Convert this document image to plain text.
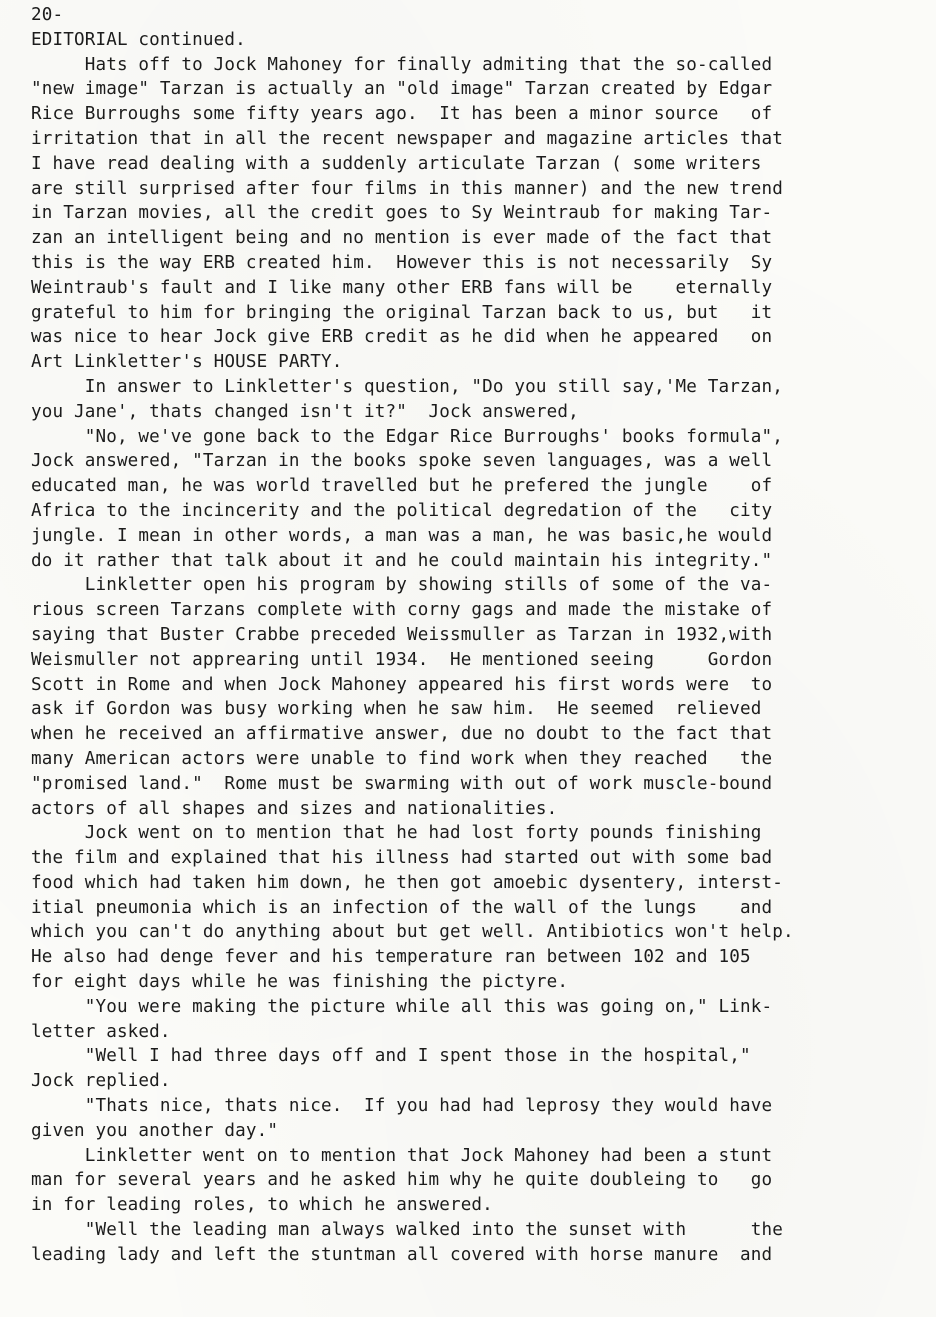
20-
EDITORIAL continued.
Hats off to Jock Mahoney for finally admiting that the so-called
"new image" Tarzan is actually an "old image" Tarzan created by Edgar
Rice Burroughs some fifty years ago.  It has been a minor source   of
irritation that in all the recent newspaper and magazine articles that
I have read dealing with a suddenly articulate Tarzan ( some writers
are still surprised after four films in this manner) and the new trend
in Tarzan movies, all the credit goes to Sy Weintraub for making Tar-
zan an intelligent being and no mention is ever made of the fact that
this is the way ERB created him.  However this is not necessarily  Sy
Weintraub's fault and I like many other ERB fans will be    eternally
grateful to him for bringing the original Tarzan back to us, but   it
was nice to hear Jock give ERB credit as he did when he appeared   on
Art Linkletter's HOUSE PARTY.
In answer to Linkletter's question, "Do you still say,'Me Tarzan,
you Jane', thats changed isn't it?"  Jock answered,
"No, we've gone back to the Edgar Rice Burroughs' books formula",
Jock answered, "Tarzan in the books spoke seven languages, was a well
educated man, he was world travelled but he prefered the jungle    of
Africa to the incincerity and the political degredation of the   city
jungle. I mean in other words, a man was a man, he was basic,he would
do it rather that talk about it and he could maintain his integrity."
Linkletter open his program by showing stills of some of the va-
rious screen Tarzans complete with corny gags and made the mistake of
saying that Buster Crabbe preceded Weissmuller as Tarzan in 1932,with
Weismuller not apprearing until 1934.  He mentioned seeing     Gordon
Scott in Rome and when Jock Mahoney appeared his first words were  to
ask if Gordon was busy working when he saw him.  He seemed  relieved
when he received an affirmative answer, due no doubt to the fact that
many American actors were unable to find work when they reached   the
"promised land."  Rome must be swarming with out of work muscle-bound
actors of all shapes and sizes and nationalities.
Jock went on to mention that he had lost forty pounds finishing
the film and explained that his illness had started out with some bad
food which had taken him down, he then got amoebic dysentery, interst-
itial pneumonia which is an infection of the wall of the lungs    and
which you can't do anything about but get well. Antibiotics won't help.
He also had denge fever and his temperature ran between 102 and 105
for eight days while he was finishing the pictyre.
"You were making the picture while all this was going on," Link-
letter asked.
"Well I had three days off and I spent those in the hospital,"
Jock replied.
"Thats nice, thats nice.  If you had had leprosy they would have
given you another day."
Linkletter went on to mention that Jock Mahoney had been a stunt
man for several years and he asked him why he quite doubleing to   go
in for leading roles, to which he answered.
"Well the leading man always walked into the sunset with      the
leading lady and left the stuntman all covered with horse manure  and
